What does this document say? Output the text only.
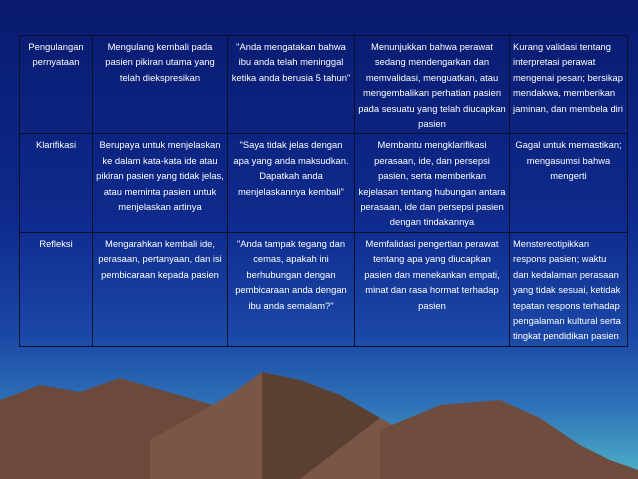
Pengulangan pernyataan	Mengulang kembali pada pasien pikiran utama yang telah diekspresikan	"Anda mengatakan bahwa ibu anda telah meninggal ketika anda berusia 5 tahun"	Menunjukkan bahwa perawat sedang mendengarkan dan memvalidasi, menguatkan, atau mengembalikan perhatian pasien pada sesuatu yang telah diucapkan pasien	Kurang validasi tentang interpretasi perawat mengenai pesan; bersikap mendakwa, memberikan jaminan, dan membela diri
Klarifikasi	Berupaya untuk menjelaskan ke dalam kata-kata ide atau pikiran pasien yang tidak jelas, atau meminta pasien untuk menjelaskan artinya	"Saya tidak jelas dengan apa yang anda maksudkan. Dapatkah anda menjelaskannya kembali"	Membantu mengklarifikasi perasaan, ide, dan persepsi pasien, serta memberikan kejelasan tentang hubungan antara perasaan, ide dan persepsi pasien dengan tindakannya	Gagal untuk memastikan; mengasumsi bahwa mengerti
Refleksi	Mengarahkan kembali ide, perasaan, pertanyaan, dan isi pembicaraan kepada pasien	"Anda tampak tegang dan cemas, apakah ini berhubungan dengan pembicaraan anda dengan ibu anda semalam?"	Memfalidasi pengertian perawat tentang apa yang diucapkan pasien dan menekankan empati, minat dan rasa hormat terhadap pasien	Menstereotipikkan respons pasien; waktu dan kedalaman perasaan yang tidak sesuai, ketidak tepatan respons terhadap pengalaman kultural serta tingkat pendidikan pasien
